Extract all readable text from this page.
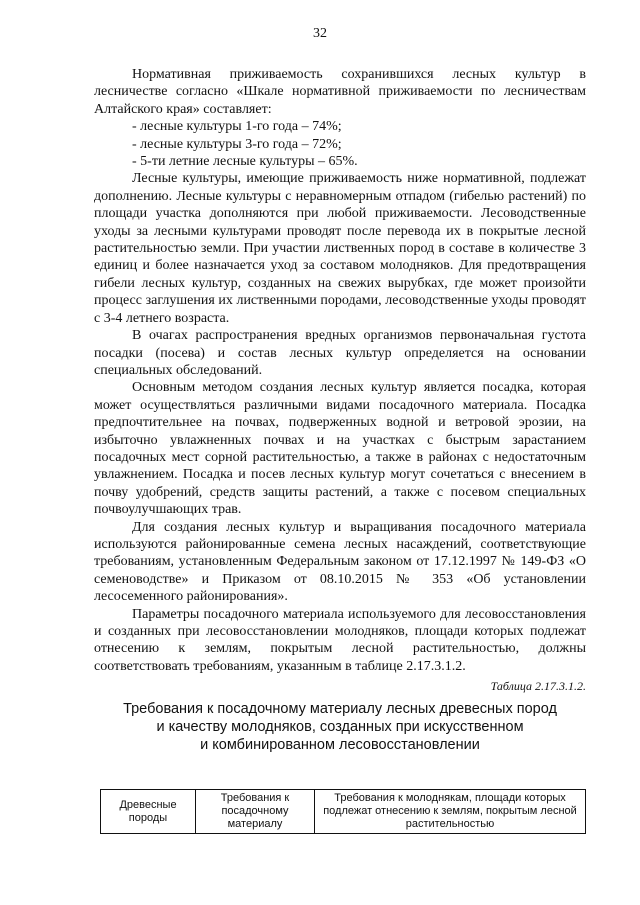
32

Нормативная приживаемость сохранившихся лесных культур в лесничестве согласно «Шкале нормативной приживаемости по лесничествам Алтайского края» составляет:

- лесные культуры 1-го года – 74%;

- лесные культуры 3-го года – 72%;

- 5-ти летние лесные культуры – 65%.

Лесные культуры, имеющие приживаемость ниже нормативной, подлежат дополнению. Лесные культуры с неравномерным отпадом (гибелью растений) по площади участка дополняются при любой приживаемости. Лесоводственные уходы за лесными культурами проводят после перевода их в покрытые лесной растительностью земли. При участии лиственных пород в составе в количестве 3 единиц и более назначается уход за составом молодняков. Для предотвращения гибели лесных культур, созданных на свежих вырубках, где может произойти процесс заглушения их лиственными породами, лесоводственные уходы проводят с 3-4 летнего возраста.

В очагах распространения вредных организмов первоначальная густота посадки (посева) и состав лесных культур определяется на основании специальных обследований.

Основным методом создания лесных культур является посадка, которая может осуществляться различными видами посадочного материала. Посадка предпочтительнее на почвах, подверженных водной и ветровой эрозии, на избыточно увлажненных почвах и на участках с быстрым зарастанием посадочных мест сорной растительностью, а также в районах с недостаточным увлажнением. Посадка и посев лесных культур могут сочетаться с внесением в почву удобрений, средств защиты растений, а также с посевом специальных почвоулучшающих трав.

Для создания лесных культур и выращивания посадочного материала используются районированные семена лесных насаждений, соответствующие требованиям, установленным Федеральным законом от 17.12.1997 № 149-ФЗ «О семеноводстве» и Приказом от 08.10.2015 № 353 «Об установлении лесосеменного районирования».

Параметры посадочного материала используемого для лесовосстановления и созданных при лесовосстановлении молодняков, площади которых подлежат отнесению к землям, покрытым лесной растительностью, должны соответствовать требованиям, указанным в таблице 2.17.3.1.2.

Таблица 2.17.3.1.2.
Требования к посадочному материалу лесных древесных пород
и качеству молодняков, созданных при искусственном
и комбинированном лесовосстановлении
Древесные породы	Требования к посадочному материалу	Требования к молоднякам, площади которых подлежат отнесению к землям, покрытым лесной растительностью
